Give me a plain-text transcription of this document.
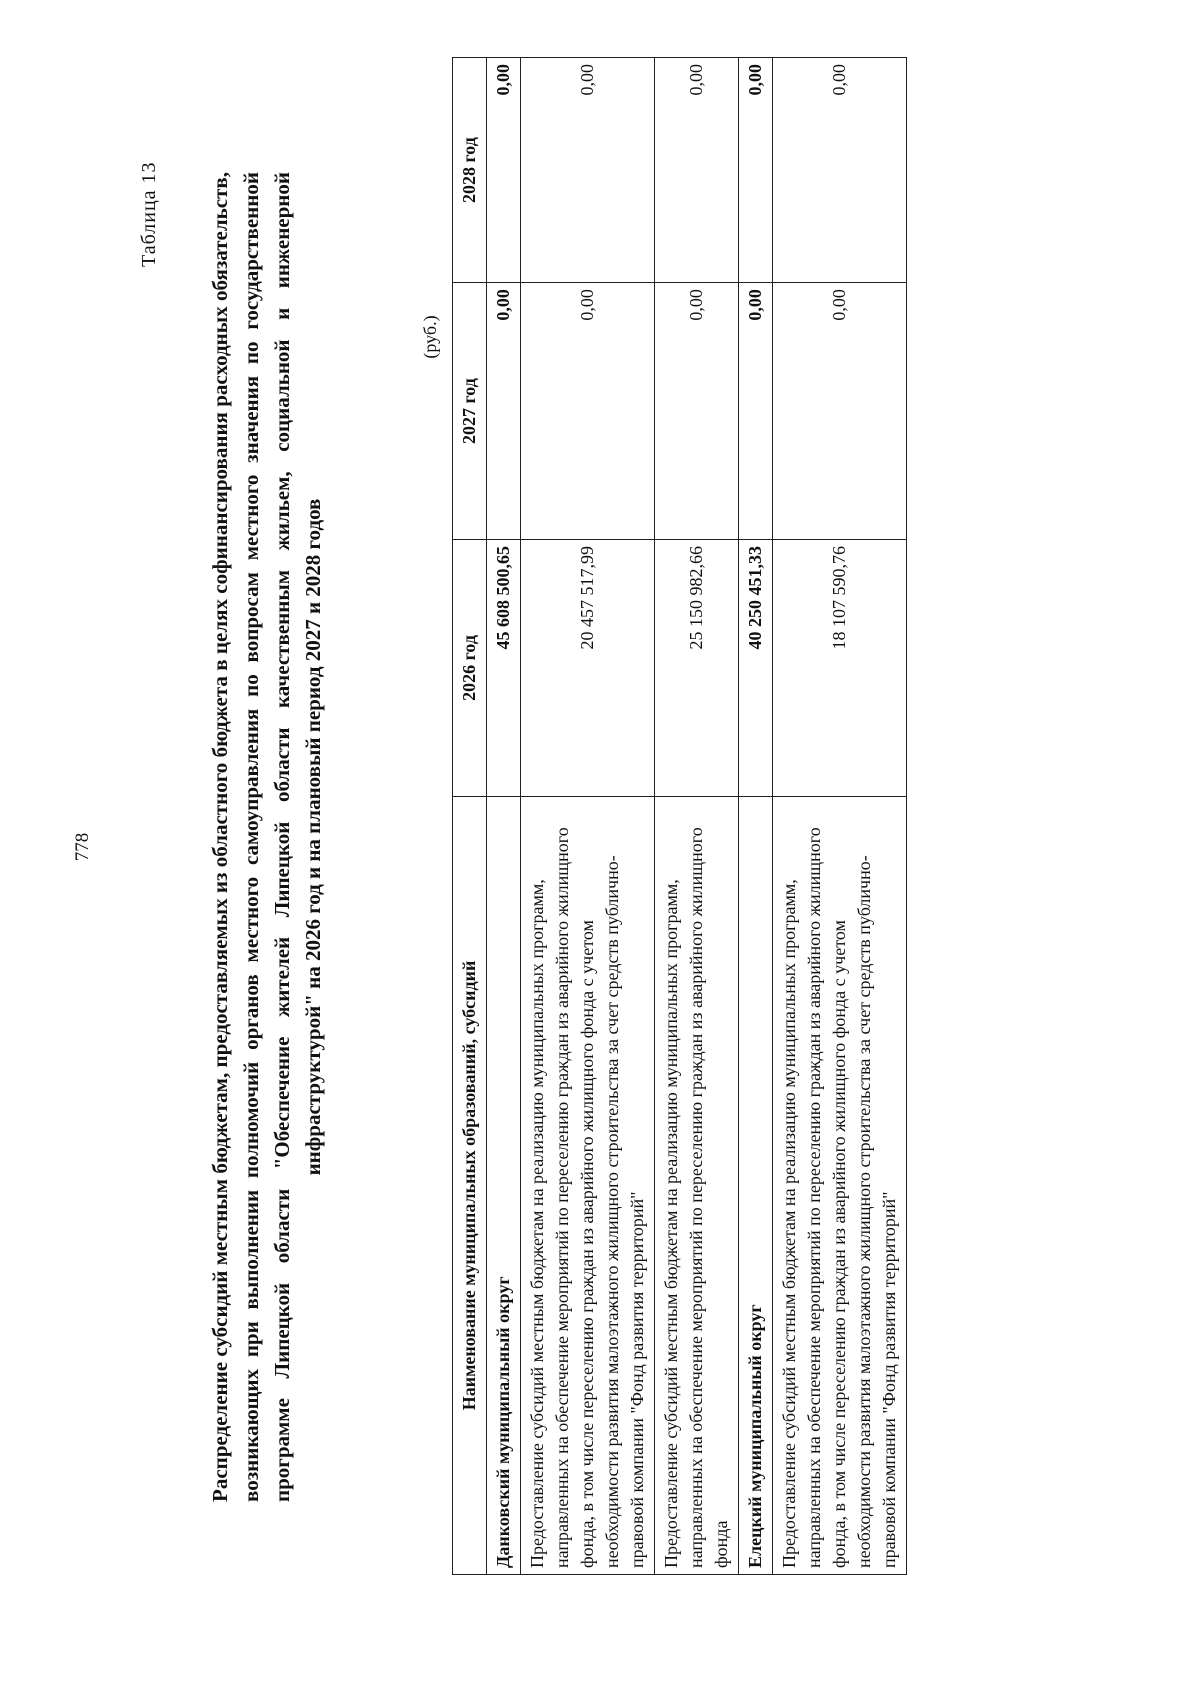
778
Таблица 13 Распределение субсидий местным бюджетам, предоставляемых из областного бюджета в целях софинансирования расходных обязательств, возникающих при выполнении полномочий органов местного самоуправления по вопросам местного значения по государственной программе Липецкой области "Обеспечение жителей Липецкой области качественным жильем, социальной и инженерной инфраструктурой" на 2026 год и на плановый период 2027 и 2028 годов
(руб.)
Наименование муниципальных образований, субсидий	2026 год	2027 год	2028 год
Данковский муниципальный округ	45 608 500,65	0,00	0,00
Предоставление субсидий местным бюджетам на реализацию муниципальных программ, направленных на обеспечение мероприятий по переселению граждан из аварийного жилищного фонда, в том числе переселению граждан из аварийного жилищного фонда с учетом необходимости развития малоэтажного жилищного строительства за счет средств публично-правовой компании "Фонд развития территорий"	20 457 517,99	0,00	0,00
Предоставление субсидий местным бюджетам на реализацию муниципальных программ, направленных на обеспечение мероприятий по переселению граждан из аварийного жилищного фонда	25 150 982,66	0,00	0,00
Елецкий муниципальный округ	40 250 451,33	0,00	0,00
Предоставление субсидий местным бюджетам на реализацию муниципальных программ, направленных на обеспечение мероприятий по переселению граждан из аварийного жилищного фонда, в том числе переселению граждан из аварийного жилищного фонда с учетом необходимости развития малоэтажного жилищного строительства за счет средств публично-правовой компании "Фонд развития территорий"	18 107 590,76	0,00	0,00
